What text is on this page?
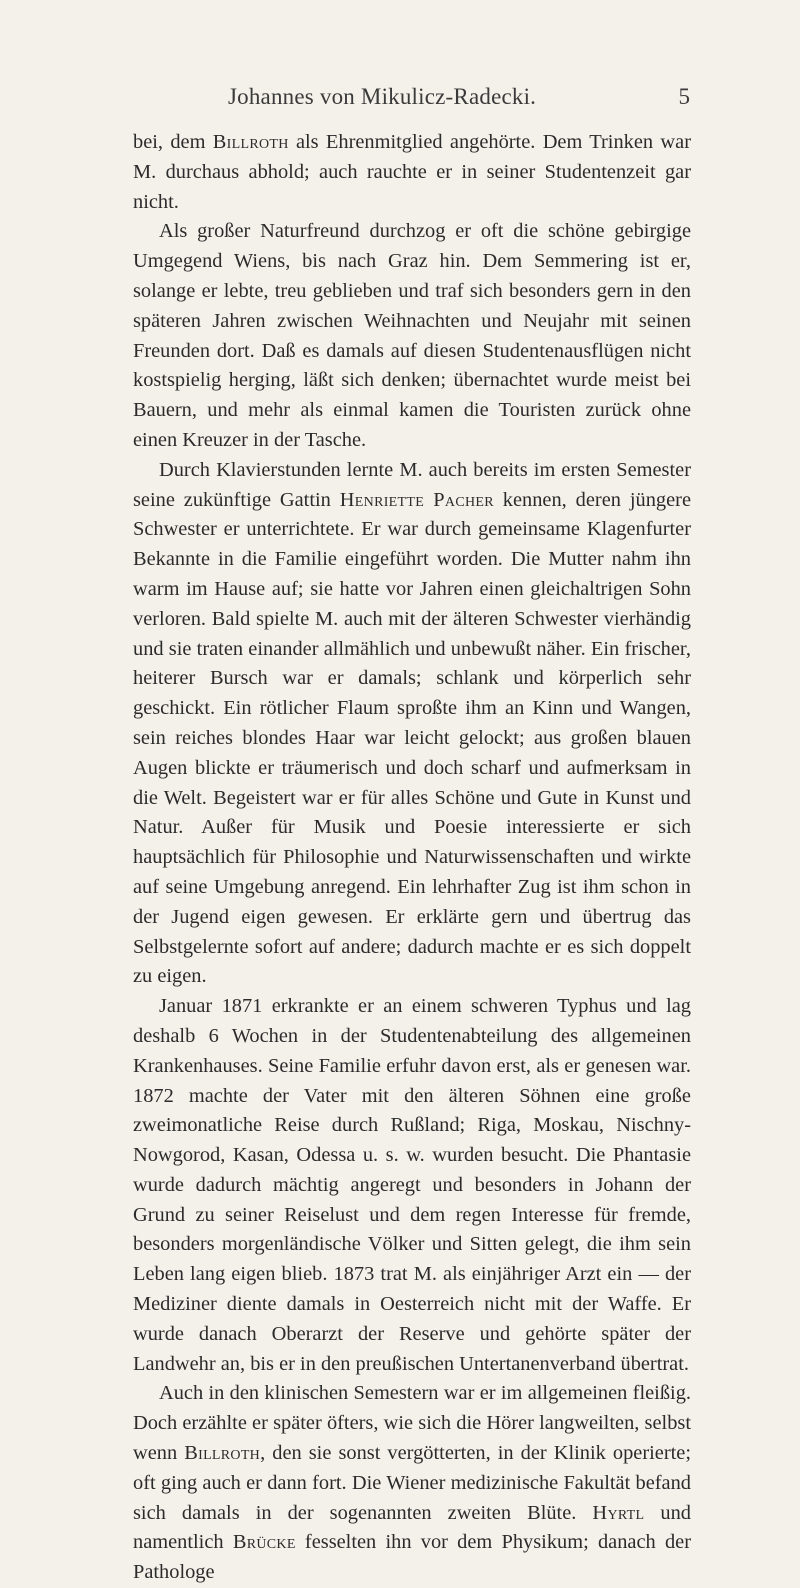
Johannes von Mikulicz-Radecki.	5

bei, dem Billroth als Ehrenmitglied angehörte. Dem Trinken war M. durchaus abhold; auch rauchte er in seiner Studentenzeit gar nicht.

Als großer Naturfreund durchzog er oft die schöne gebirgige Umgegend Wiens, bis nach Graz hin. Dem Semmering ist er, solange er lebte, treu geblieben und traf sich besonders gern in den späteren Jahren zwischen Weihnachten und Neujahr mit seinen Freunden dort. Daß es damals auf diesen Studentenausflügen nicht kostspielig herging, läßt sich denken; übernachtet wurde meist bei Bauern, und mehr als einmal kamen die Touristen zurück ohne einen Kreuzer in der Tasche.

Durch Klavierstunden lernte M. auch bereits im ersten Semester seine zukünftige Gattin Henriette Pacher kennen, deren jüngere Schwester er unterrichtete. Er war durch gemeinsame Klagenfurter Bekannte in die Familie eingeführt worden. Die Mutter nahm ihn warm im Hause auf; sie hatte vor Jahren einen gleichaltrigen Sohn verloren. Bald spielte M. auch mit der älteren Schwester vierhändig und sie traten einander allmählich und unbewußt näher. Ein frischer, heiterer Bursch war er damals; schlank und körperlich sehr geschickt. Ein rötlicher Flaum sproßte ihm an Kinn und Wangen, sein reiches blondes Haar war leicht gelockt; aus großen blauen Augen blickte er träumerisch und doch scharf und aufmerksam in die Welt. Begeistert war er für alles Schöne und Gute in Kunst und Natur. Außer für Musik und Poesie interessierte er sich hauptsächlich für Philosophie und Naturwissenschaften und wirkte auf seine Umgebung anregend. Ein lehrhafter Zug ist ihm schon in der Jugend eigen gewesen. Er erklärte gern und übertrug das Selbstgelernte sofort auf andere; dadurch machte er es sich doppelt zu eigen.

Januar 1871 erkrankte er an einem schweren Typhus und lag deshalb 6 Wochen in der Studentenabteilung des allgemeinen Krankenhauses. Seine Familie erfuhr davon erst, als er genesen war. 1872 machte der Vater mit den älteren Söhnen eine große zweimonatliche Reise durch Rußland; Riga, Moskau, Nischny-Nowgorod, Kasan, Odessa u. s. w. wurden besucht. Die Phantasie wurde dadurch mächtig angeregt und besonders in Johann der Grund zu seiner Reiselust und dem regen Interesse für fremde, besonders morgenländische Völker und Sitten gelegt, die ihm sein Leben lang eigen blieb. 1873 trat M. als einjähriger Arzt ein — der Mediziner diente damals in Oesterreich nicht mit der Waffe. Er wurde danach Oberarzt der Reserve und gehörte später der Landwehr an, bis er in den preußischen Untertanenverband übertrat.

Auch in den klinischen Semestern war er im allgemeinen fleißig. Doch erzählte er später öfters, wie sich die Hörer langweilten, selbst wenn Billroth, den sie sonst vergötterten, in der Klinik operierte; oft ging auch er dann fort. Die Wiener medizinische Fakultät befand sich damals in der sogenannten zweiten Blüte. Hyrtl und namentlich Brücke fesselten ihn vor dem Physikum; danach der Pathologe
